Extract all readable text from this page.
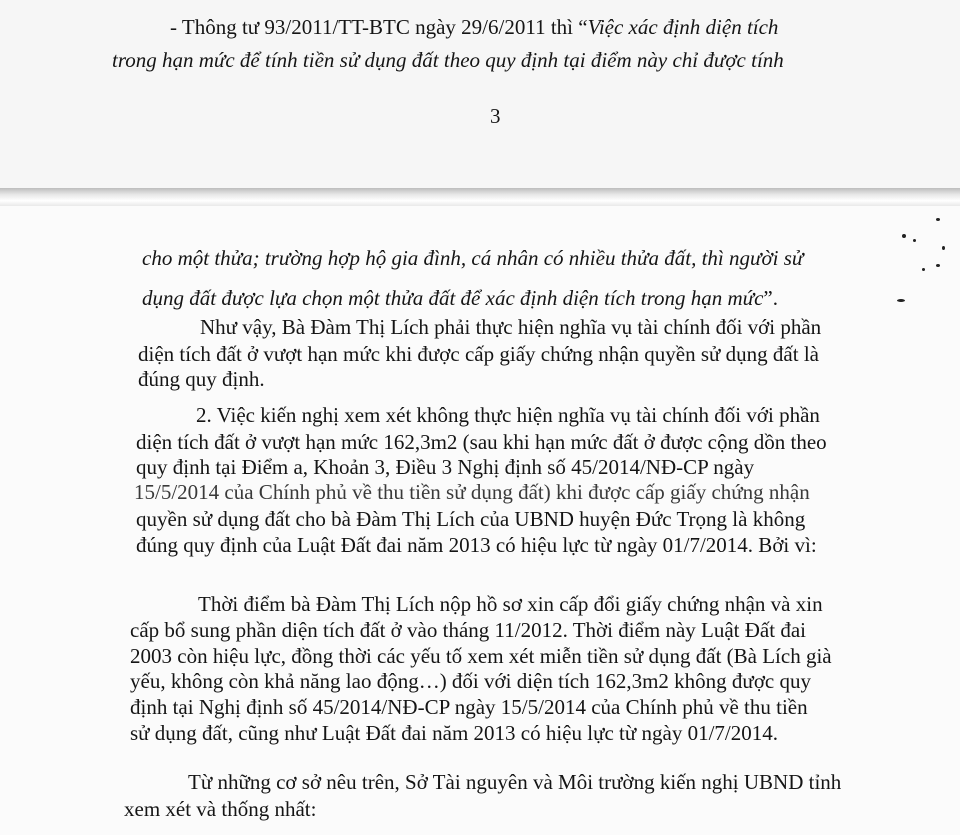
- Thông tư 93/2011/TT-BTC ngày 29/6/2011 thì “Việc xác định diện tích
trong hạn mức để tính tiền sử dụng đất theo quy định tại điểm này chỉ được tính
3
cho một thửa; trường hợp hộ gia đình, cá nhân có nhiều thửa đất, thì người sử
dụng đất được lựa chọn một thửa đất để xác định diện tích trong hạn mức”.
Như vậy, Bà Đàm Thị Lích phải thực hiện nghĩa vụ tài chính đối với phần
diện tích đất ở vượt hạn mức khi được cấp giấy chứng nhận quyền sử dụng đất là
đúng quy định.
2. Việc kiến nghị xem xét không thực hiện nghĩa vụ tài chính đối với phần
diện tích đất ở vượt hạn mức 162,3m2 (sau khi hạn mức đất ở được cộng dồn theo
quy định tại Điểm a, Khoản 3, Điều 3 Nghị định số 45/2014/NĐ-CP ngày
15/5/2014 của Chính phủ về thu tiền sử dụng đất) khi được cấp giấy chứng nhận
quyền sử dụng đất cho bà Đàm Thị Lích của UBND huyện Đức Trọng là không
đúng quy định của Luật Đất đai năm 2013 có hiệu lực từ ngày 01/7/2014. Bởi vì:
Thời điểm bà Đàm Thị Lích nộp hồ sơ xin cấp đổi giấy chứng nhận và xin
cấp bổ sung phần diện tích đất ở vào tháng 11/2012. Thời điểm này Luật Đất đai
2003 còn hiệu lực, đồng thời các yếu tố xem xét miễn tiền sử dụng đất (Bà Lích già
yếu, không còn khả năng lao động…) đối với diện tích 162,3m2 không được quy
định tại Nghị định số 45/2014/NĐ-CP ngày 15/5/2014 của Chính phủ về thu tiền
sử dụng đất, cũng như Luật Đất đai năm 2013 có hiệu lực từ ngày 01/7/2014.
Từ những cơ sở nêu trên, Sở Tài nguyên và Môi trường kiến nghị UBND tỉnh
xem xét và thống nhất:
